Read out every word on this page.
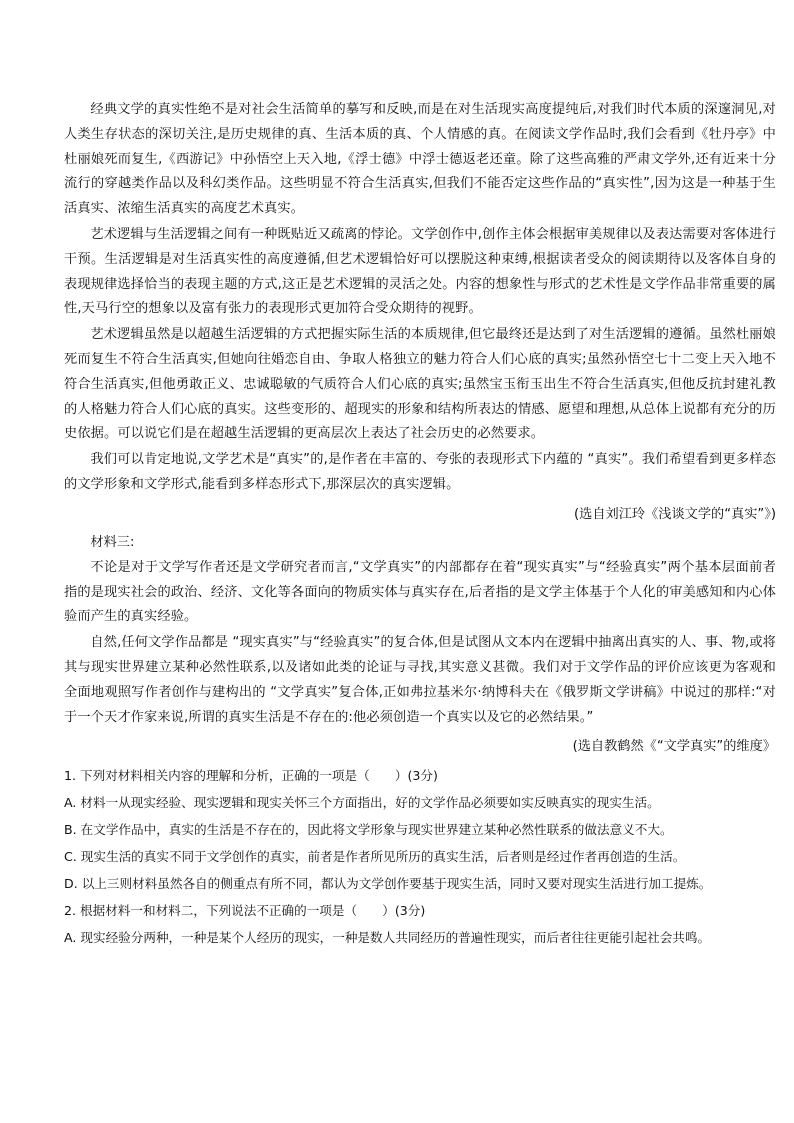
经典文学的真实性绝不是对社会生活简单的摹写和反映,而是在对生活现实高度提纯后,对我们时代本质的深邃洞见,对人类生存状态的深切关注,是历史规律的真、生活本质的真、个人情感的真。在阅读文学作品时,我们会看到《牡丹亭》中杜丽娘死而复生,《西游记》中孙悟空上天入地,《浮士德》中浮士德返老还童。除了这些高雅的严肃文学外,还有近来十分流行的穿越类作品以及科幻类作品。这些明显不符合生活真实,但我们不能否定这些作品的“真实性”,因为这是一种基于生活真实、浓缩生活真实的高度艺术真实。

艺术逻辑与生活逻辑之间有一种既贴近又疏离的悖论。文学创作中,创作主体会根据审美规律以及表达需要对客体进行干预。生活逻辑是对生活真实性的高度遵循,但艺术逻辑恰好可以摆脱这种束缚,根据读者受众的阅读期待以及客体自身的表现规律选择恰当的表现主题的方式,这正是艺术逻辑的灵活之处。内容的想象性与形式的艺术性是文学作品非常重要的属性,天马行空的想象以及富有张力的表现形式更加符合受众期待的视野。

艺术逻辑虽然是以超越生活逻辑的方式把握实际生活的本质规律,但它最终还是达到了对生活逻辑的遵循。虽然杜丽娘死而复生不符合生活真实,但她向往婚恋自由、争取人格独立的魅力符合人们心底的真实;虽然孙悟空七十二变上天入地不符合生活真实,但他勇敢正义、忠诚聪敏的气质符合人们心底的真实;虽然宝玉衔玉出生不符合生活真实,但他反抗封建礼教的人格魅力符合人们心底的真实。这些变形的、超现实的形象和结构所表达的情感、愿望和理想,从总体上说都有充分的历史依据。可以说它们是在超越生活逻辑的更高层次上表达了社会历史的必然要求。

我们可以肯定地说,文学艺术是“真实”的,是作者在丰富的、夸张的表现形式下内蕴的 “真实”。我们希望看到更多样态的文学形象和文学形式,能看到多样态形式下,那深层次的真实逻辑。

(选自刘江玲《浅谈文学的“真实”》)

材料三:

不论是对于文学写作者还是文学研究者而言,“文学真实”的内部都存在着“现实真实”与“经验真实”两个基本层面前者指的是现实社会的政治、经济、文化等各面向的物质实体与真实存在,后者指的是文学主体基于个人化的审美感知和内心体验而产生的真实经验。

自然,任何文学作品都是 “现实真实”与“经验真实”的复合体,但是试图从文本内在逻辑中抽离出真实的人、事、物,或将其与现实世界建立某种必然性联系,以及诸如此类的论证与寻找,其实意义甚微。我们对于文学作品的评价应该更为客观和全面地观照写作者创作与建构出的 “文学真实”复合体,正如弗拉基米尔·纳博科夫在《俄罗斯文学讲稿》中说过的那样:“对于一个天才作家来说,所谓的真实生活是不存在的:他必须创造一个真实以及它的必然结果。”

(选自教鹤然《“文学真实”的维度》

1. 下列对材料相关内容的理解和分析，正确的一项是（　　）(3分)

A. 材料一从现实经验、现实逻辑和现实关怀三个方面指出，好的文学作品必须要如实反映真实的现实生活。

B. 在文学作品中，真实的生活是不存在的，因此将文学形象与现实世界建立某种必然性联系的做法意义不大。

C. 现实生活的真实不同于文学创作的真实，前者是作者所见所历的真实生活，后者则是经过作者再创造的生活。

D. 以上三则材料虽然各自的侧重点有所不同，都认为文学创作要基于现实生活，同时又要对现实生活进行加工提炼。

2. 根据材料一和材料二，下列说法不正确的一项是（　　）(3分)

A. 现实经验分两种，一种是某个人经历的现实，一种是数人共同经历的普遍性现实，而后者往往更能引起社会共鸣。
